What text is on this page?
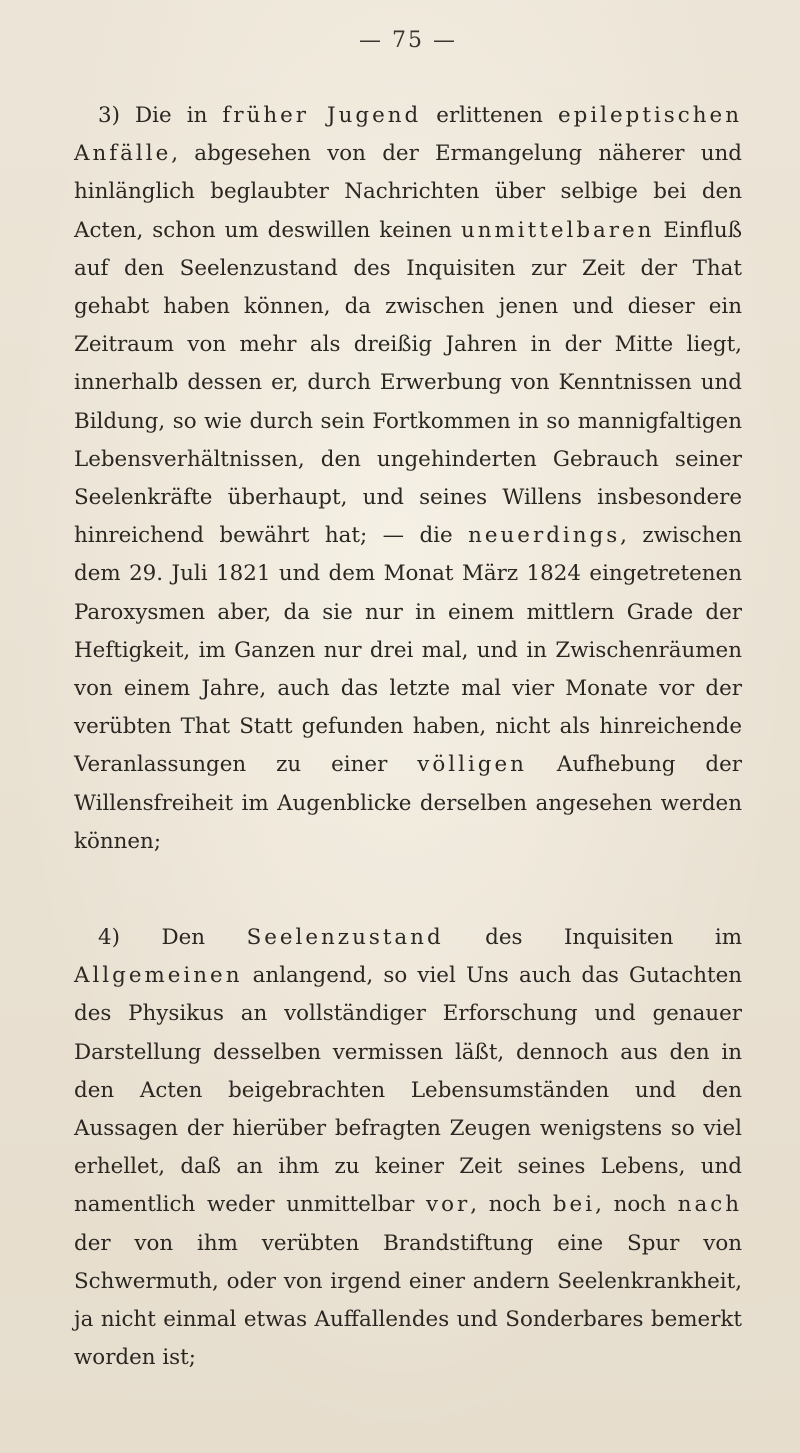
— 75 —

3) Die in früher Jugend erlittenen epileptischen Anfälle, abgesehen von der Ermangelung näherer und hinlänglich beglaubter Nachrichten über selbige bei den Acten, schon um deswillen keinen unmittelbaren Einfluß auf den Seelenzustand des Inquisiten zur Zeit der That gehabt haben können, da zwischen jenen und dieser ein Zeitraum von mehr als dreißig Jahren in der Mitte liegt, innerhalb dessen er, durch Erwerbung von Kenntnissen und Bildung, so wie durch sein Fortkommen in so mannigfaltigen Lebensverhältnissen, den ungehinderten Gebrauch seiner Seelenkräfte überhaupt, und seines Willens insbesondere hinreichend bewährt hat; — die neuerdings, zwischen dem 29. Juli 1821 und dem Monat März 1824 eingetretenen Paroxysmen aber, da sie nur in einem mittlern Grade der Heftigkeit, im Ganzen nur drei mal, und in Zwischenräumen von einem Jahre, auch das letzte mal vier Monate vor der verübten That Statt gefunden haben, nicht als hinreichende Veranlassungen zu einer völligen Aufhebung der Willensfreiheit im Augenblicke derselben angesehen werden können;

4) Den Seelenzustand des Inquisiten im Allgemeinen anlangend, so viel Uns auch das Gutachten des Physikus an vollständiger Erforschung und genauer Darstellung desselben vermissen läßt, dennoch aus den in den Acten beigebrachten Lebensumständen und den Aussagen der hierüber befragten Zeugen wenigstens so viel erhellet, daß an ihm zu keiner Zeit seines Lebens, und namentlich weder unmittelbar vor, noch bei, noch nach der von ihm verübten Brandstiftung eine Spur von Schwermuth, oder von irgend einer andern Seelenkrankheit, ja nicht einmal etwas Auffallendes und Sonderbares bemerkt worden ist;
